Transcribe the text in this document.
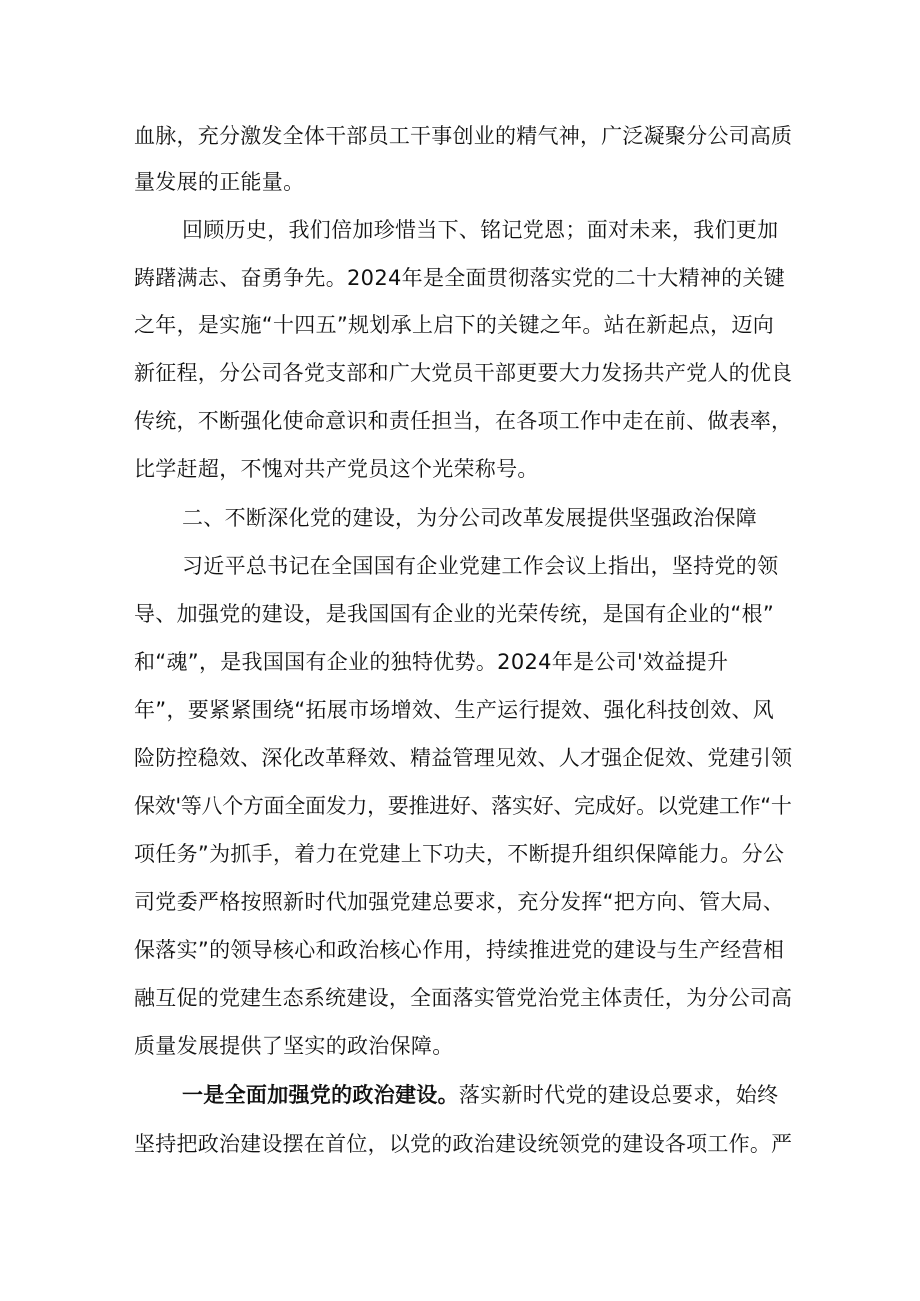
血脉，充分激发全体干部员工干事创业的精气神，广泛凝聚分公司高质
量发展的正能量。
回顾历史，我们倍加珍惜当下、铭记党恩；面对未来，我们更加
踌躇满志、奋勇争先。2024年是全面贯彻落实党的二十大精神的关键
之年，是实施“十四五”规划承上启下的关键之年。站在新起点，迈向
新征程，分公司各党支部和广大党员干部更要大力发扬共产党人的优良
传统，不断强化使命意识和责任担当，在各项工作中走在前、做表率，
比学赶超，不愧对共产党员这个光荣称号。
二、不断深化党的建设，为分公司改革发展提供坚强政治保障
习近平总书记在全国国有企业党建工作会议上指出，坚持党的领
导、加强党的建设，是我国国有企业的光荣传统，是国有企业的“根”
和“魂”，是我国国有企业的独特优势。2024年是公司'效益提升
年”，要紧紧围绕“拓展市场增效、生产运行提效、强化科技创效、风
险防控稳效、深化改革释效、精益管理见效、人才强企促效、党建引领
保效'等八个方面全面发力，要推进好、落实好、完成好。以党建工作“十
项任务”为抓手，着力在党建上下功夫，不断提升组织保障能力。分公
司党委严格按照新时代加强党建总要求，充分发挥“把方向、管大局、
保落实”的领导核心和政治核心作用，持续推进党的建设与生产经营相
融互促的党建生态系统建设，全面落实管党治党主体责任，为分公司高
质量发展提供了坚实的政治保障。
一是全面加强党的政治建设。落实新时代党的建设总要求，始终
坚持把政治建设摆在首位，以党的政治建设统领党的建设各项工作。严
